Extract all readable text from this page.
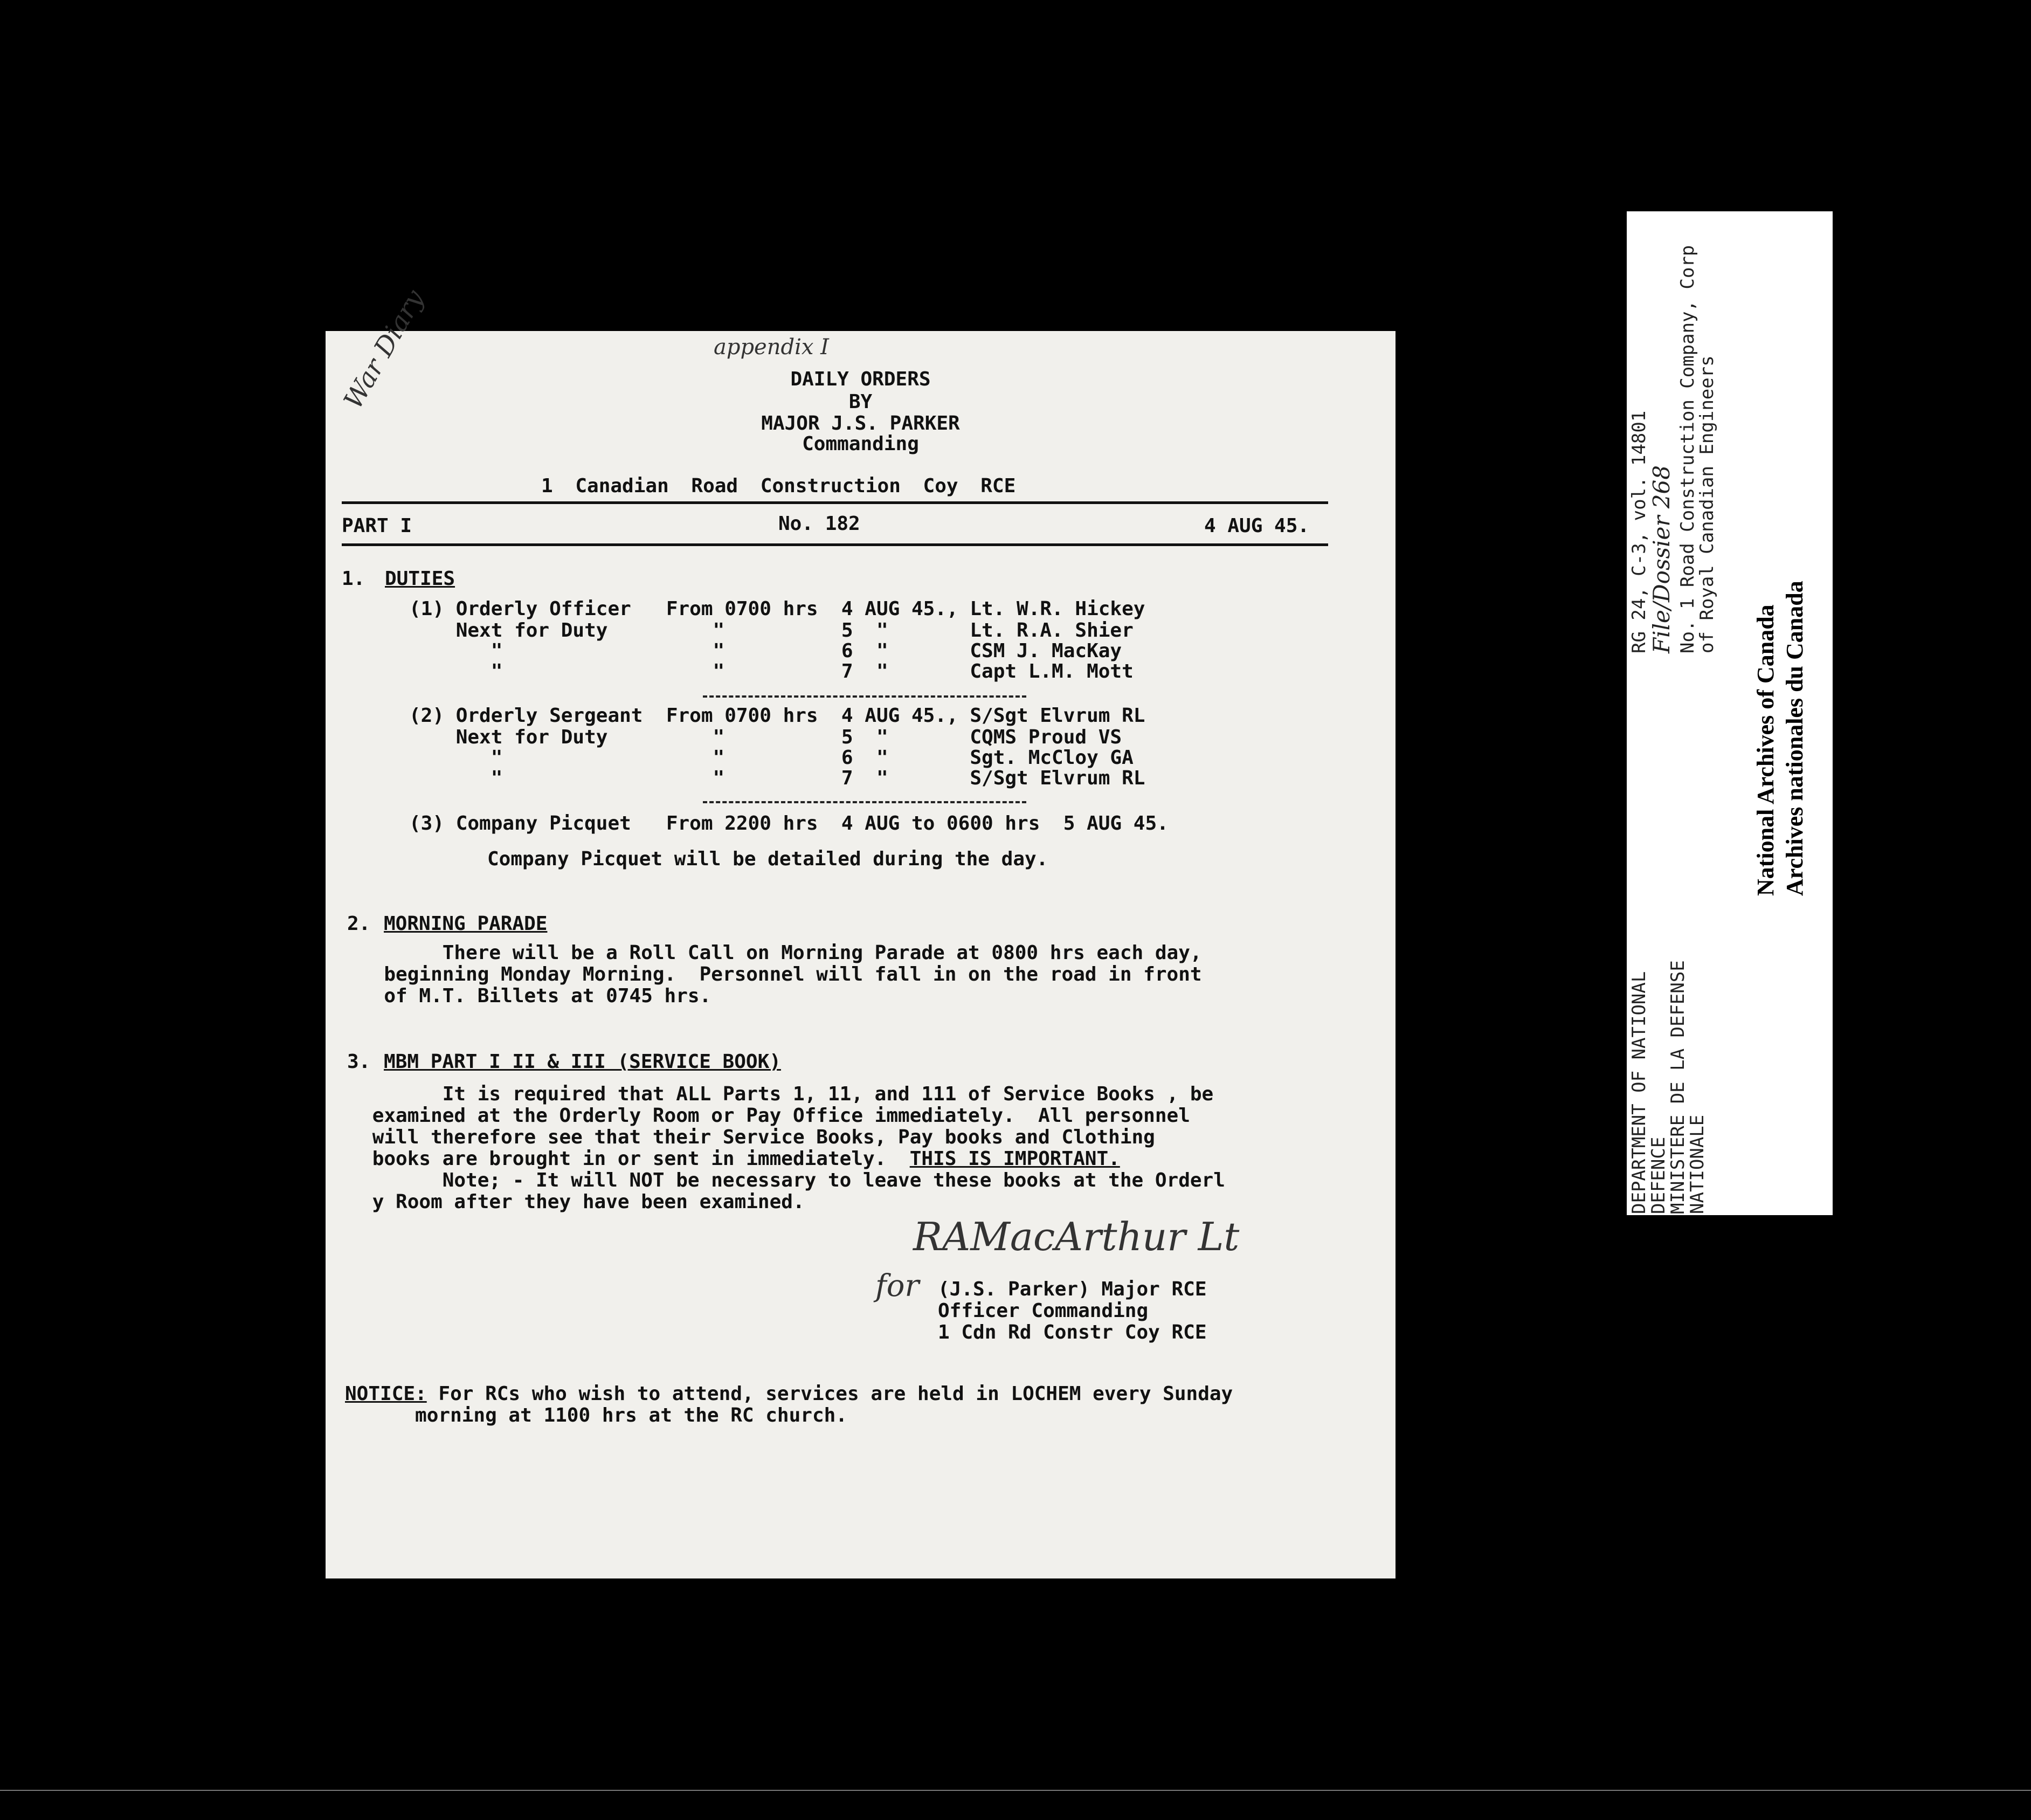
appendix I
War Diary	DAILY ORDERS
BY
MAJOR J.S. PARKER
Commanding
1 Canadian Road Construction Coy RCE
PART I	No. 182	4 AUG 45.
1. DUTIES
(1) Orderly Officer   From 0700 hrs  4 AUG 45., Lt. W.R. Hickey
Next for Duty         "          5  "       Lt. R.A. Shier
"                  "          6  "       CSM J. MacKay
"                  "          7  "       Capt L.M. Mott
(2) Orderly Sergeant  From 0700 hrs  4 AUG 45., S/Sgt Elvrum RL
Next for Duty         "          5  "       CQMS Proud VS
"                  "          6  "       Sgt. McCloy GA
"                  "          7  "       S/Sgt Elvrum RL
(3) Company Picquet   From 2200 hrs  4 AUG to 0600 hrs  5 AUG 45.
Company Picquet will be detailed during the day.
2. MORNING PARADE
There will be a Roll Call on Morning Parade at 0800 hrs each day,
beginning Monday Morning.  Personnel will fall in on the road in front
of M.T. Billets at 0745 hrs.
3. MBM PART I II & III (SERVICE BOOK)
It is required that ALL Parts 1, 11, and 111 of Service Books , be
examined at the Orderly Room or Pay Office immediately.  All personnel
will therefore see that their Service Books, Pay books and Clothing
books are brought in or sent in immediately.  THIS IS IMPORTANT.
Note; - It will NOT be necessary to leave these books at the Orderl
y Room after they have been examined.
RAMacArthur Lt
for (J.S. Parker) Major RCE
Officer Commanding
1 Cdn Rd Constr Coy RCE
NOTICE: For RCs who wish to attend, services are held in LOCHEM every Sunday
morning at 1100 hrs at the RC church.
DEPARTMENT OF NATIONAL
DEFENCE
MINISTERE DE LA DEFENSE
NATIONALE
RG 24, C-3, vol. 14801
File/Dossier 268 No. 1 Road Construction Company, Corp
of Royal Canadian Engineers
National Archives of Canada Archives nationales du Canada
